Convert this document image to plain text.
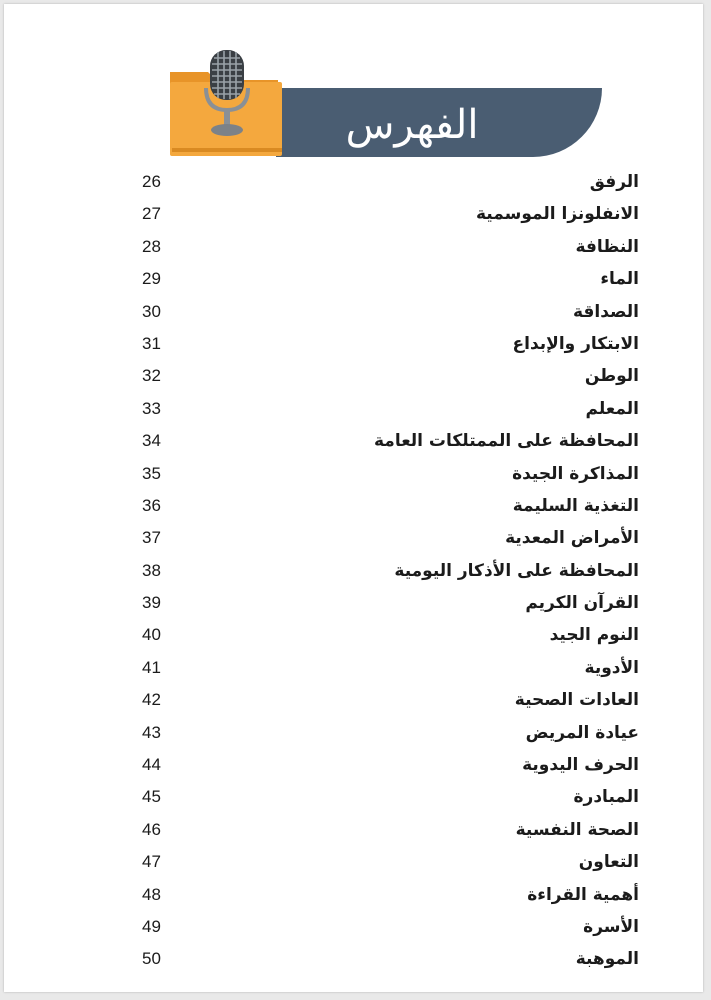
الفهرس
الرفق
26
الانفلونزا الموسمية
27
النظافة
28
الماء
29
الصداقة
30
الابتكار والإبداع
31
الوطن
32
المعلم
33
المحافظة على الممتلكات العامة
34
المذاكرة الجيدة
35
التغذية السليمة
36
الأمراض المعدية
37
المحافظة على الأذكار اليومية
38
القرآن الكريم
39
النوم الجيد
40
الأدوية
41
العادات الصحية
42
عيادة المريض
43
الحرف اليدوية
44
المبادرة
45
الصحة النفسية
46
التعاون
47
أهمية القراءة
48
الأسرة
49
الموهبة
50
